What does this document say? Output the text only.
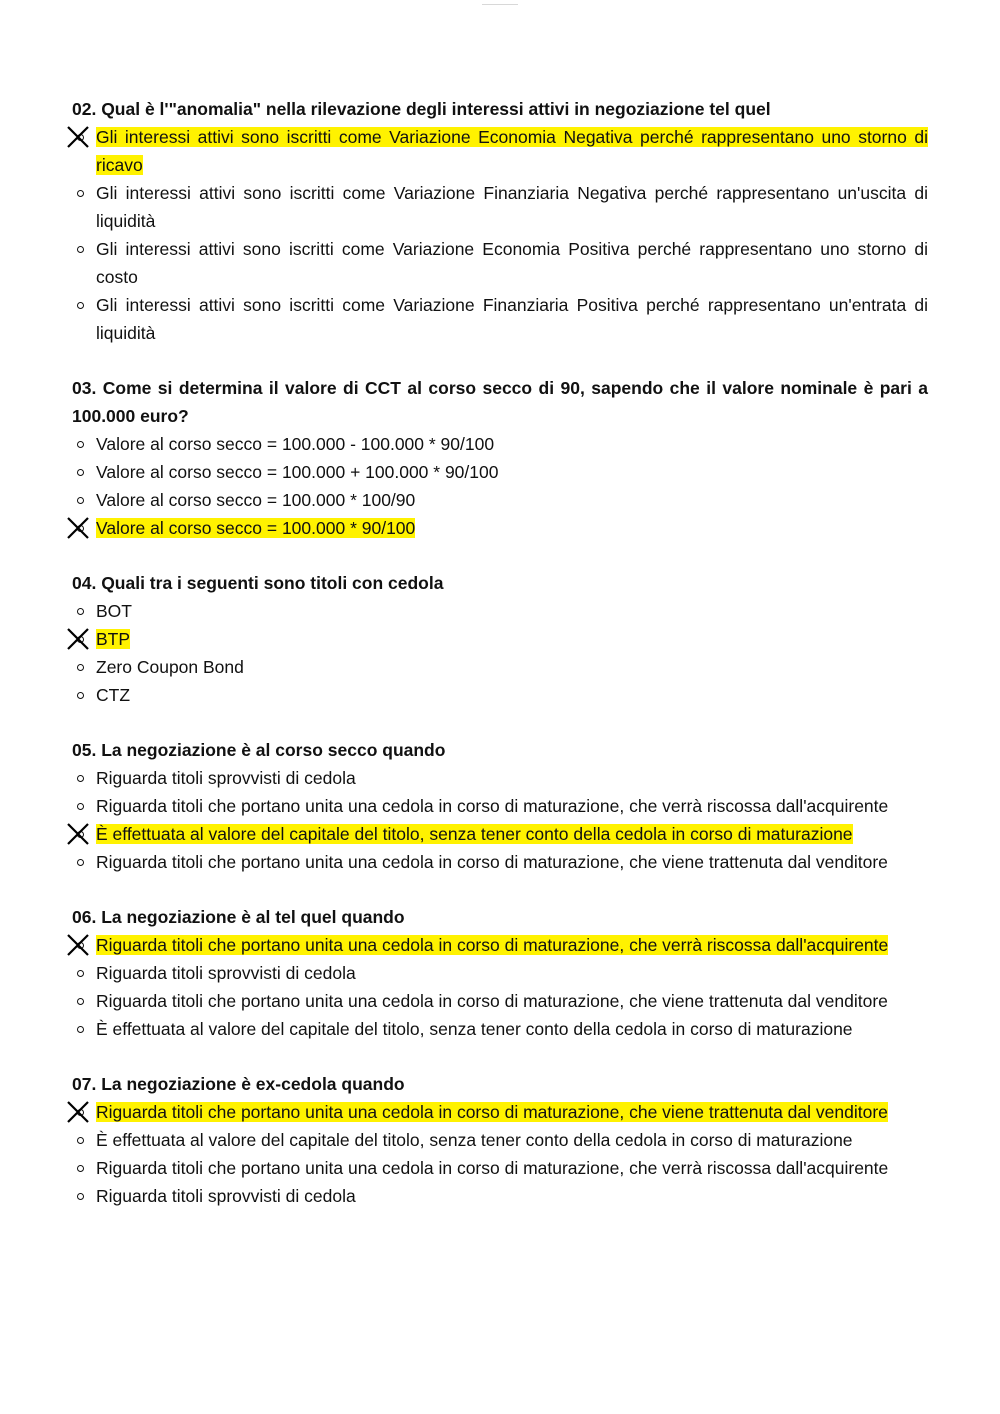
02. Qual è l'"anomalia" nella rilevazione degli interessi attivi in negoziazione tel quel

Gli interessi attivi sono iscritti come Variazione Economia Negativa perché rappresentano uno storno di ricavo
Gli interessi attivi sono iscritti come Variazione Finanziaria Negativa perché rappresentano un'uscita di liquidità
Gli interessi attivi sono iscritti come Variazione Economia Positiva perché rappresentano uno storno di costo
Gli interessi attivi sono iscritti come Variazione Finanziaria Positiva perché rappresentano un'entrata di liquidità

03. Come si determina il valore di CCT al corso secco di 90, sapendo che il valore nominale è pari a 100.000 euro?

Valore al corso secco = 100.000 - 100.000 * 90/100
Valore al corso secco = 100.000 + 100.000 * 90/100
Valore al corso secco = 100.000 * 100/90
Valore al corso secco = 100.000 * 90/100

04. Quali tra i seguenti sono titoli con cedola

BOT
BTP
Zero Coupon Bond
CTZ

05. La negoziazione è al corso secco quando

Riguarda titoli sprovvisti di cedola
Riguarda titoli che portano unita una cedola in corso di maturazione, che verrà riscossa dall'acquirente
È effettuata al valore del capitale del titolo, senza tener conto della cedola in corso di maturazione
Riguarda titoli che portano unita una cedola in corso di maturazione, che viene trattenuta dal venditore

06. La negoziazione è al tel quel quando

Riguarda titoli che portano unita una cedola in corso di maturazione, che verrà riscossa dall'acquirente
Riguarda titoli sprovvisti di cedola
Riguarda titoli che portano unita una cedola in corso di maturazione, che viene trattenuta dal venditore
È effettuata al valore del capitale del titolo, senza tener conto della cedola in corso di maturazione

07. La negoziazione è ex-cedola quando

Riguarda titoli che portano unita una cedola in corso di maturazione, che viene trattenuta dal venditore
È effettuata al valore del capitale del titolo, senza tener conto della cedola in corso di maturazione
Riguarda titoli che portano unita una cedola in corso di maturazione, che verrà riscossa dall'acquirente
Riguarda titoli sprovvisti di cedola
